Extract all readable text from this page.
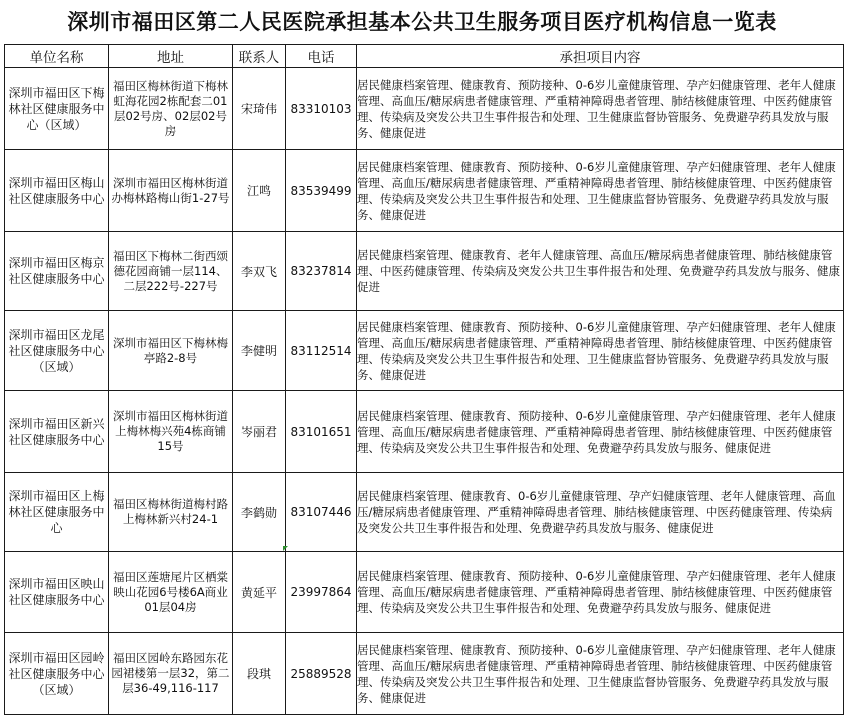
深圳市福田区第二人民医院承担基本公共卫生服务项目医疗机构信息一览表
单位名称	地址	联系人	电话	承担项目内容
深圳市福田区下梅林社区健康服务中心（区域）	福田区梅林街道下梅林虹海花园2栋配套二01层02号房、02层02号房	宋琦伟	83310103	居民健康档案管理、健康教育、预防接种、0-6岁儿童健康管理、孕产妇健康管理、老年人健康管理、高血压/糖尿病患者健康管理、严重精神障碍患者管理、肺结核健康管理、中医药健康管理、传染病及突发公共卫生事件报告和处理、卫生健康监督协管服务、免费避孕药具发放与服务、健康促进
深圳市福田区梅山社区健康服务中心	深圳市福田区梅林街道办梅林路梅山街1-27号	江鸣	83539499	居民健康档案管理、健康教育、预防接种、0-6岁儿童健康管理、孕产妇健康管理、老年人健康管理、高血压/糖尿病患者健康管理、严重精神障碍患者管理、肺结核健康管理、中医药健康管理、传染病及突发公共卫生事件报告和处理、卫生健康监督协管服务、免费避孕药具发放与服务、健康促进
深圳市福田区梅京社区健康服务中心	福田区下梅林二街西颂德花园商铺一层114、二层222号-227号	李双飞	83237814	居民健康档案管理、健康教育、老年人健康管理、高血压/糖尿病患者健康管理、肺结核健康管理、中医药健康管理、传染病及突发公共卫生事件报告和处理、免费避孕药具发放与服务、健康促进
深圳市福田区龙尾社区健康服务中心（区域）	深圳市福田区下梅林梅亭路2-8号	李健明	83112514	居民健康档案管理、健康教育、预防接种、0-6岁儿童健康管理、孕产妇健康管理、老年人健康管理、高血压/糖尿病患者健康管理、严重精神障碍患者管理、肺结核健康管理、中医药健康管理、传染病及突发公共卫生事件报告和处理、卫生健康监督协管服务、免费避孕药具发放与服务、健康促进
深圳市福田区新兴社区健康服务中心	深圳市福田区梅林街道上梅林梅兴苑4栋商铺15号	岑丽君	83101651	居民健康档案管理、健康教育、预防接种、0-6岁儿童健康管理、孕产妇健康管理、老年人健康管理、高血压/糖尿病患者健康管理、严重精神障碍患者管理、肺结核健康管理、中医药健康管理、传染病及突发公共卫生事件报告和处理、免费避孕药具发放与服务、健康促进
深圳市福田区上梅林社区健康服务中心	福田区梅林街道梅村路上梅林新兴村24-1	李鹤勋	83107446	居民健康档案管理、健康教育、0-6岁儿童健康管理、孕产妇健康管理、老年人健康管理、高血压/糖尿病患者健康管理、严重精神障碍患者管理、肺结核健康管理、中医药健康管理、传染病及突发公共卫生事件报告和处理、免费避孕药具发放与服务、健康促进
深圳市福田区映山社区健康服务中心	福田区莲塘尾片区栖棠映山花园6号楼6A商业01层04房	黄延平	23997864	居民健康档案管理、健康教育、预防接种、0-6岁儿童健康管理、孕产妇健康管理、老年人健康管理、高血压/糖尿病患者健康管理、严重精神障碍患者管理、肺结核健康管理、中医药健康管理、传染病及突发公共卫生事件报告和处理、免费避孕药具发放与服务、健康促进
深圳市福田区园岭社区健康服务中心（区域）	福田区园岭东路园东花园裙楼第一层32，第二层36-49,116-117	段琪	25889528	居民健康档案管理、健康教育、预防接种、0-6岁儿童健康管理、孕产妇健康管理、老年人健康管理、高血压/糖尿病患者健康管理、严重精神障碍患者管理、肺结核健康管理、中医药健康管理、传染病及突发公共卫生事件报告和处理、卫生健康监督协管服务、免费避孕药具发放与服务、健康促进
